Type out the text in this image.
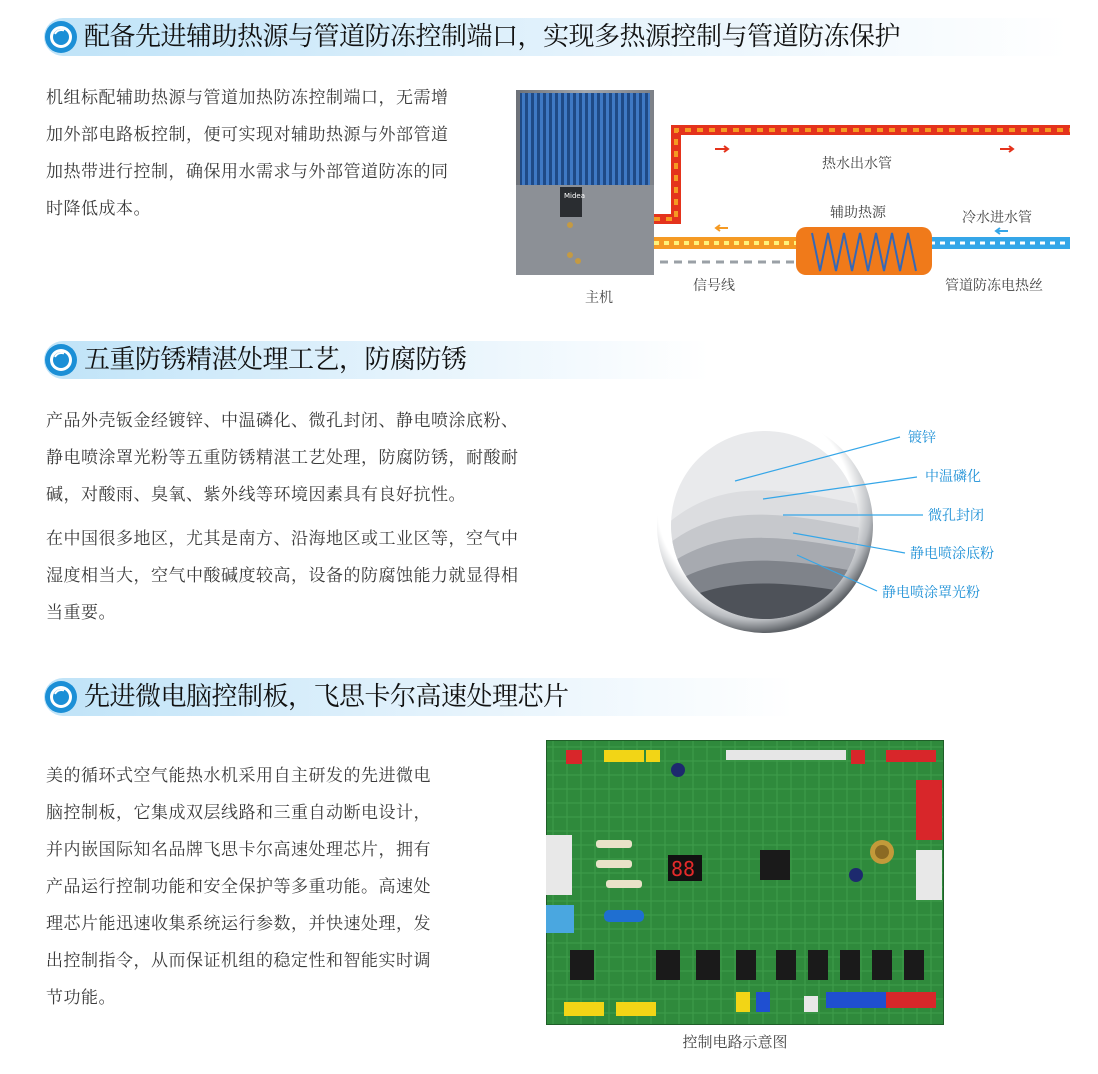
配备先进辅助热源与管道防冻控制端口，实现多热源控制与管道防冻保护

机组标配辅助热源与管道加热防冻控制端口，无需增
加外部电路板控制，便可实现对辅助热源与外部管道
加热带进行控制，确保用水需求与外部管道防冻的同
时降低成本。

Midea
热水出水管
辅助热源	冷水进水管
主机
信号线	管道防冻电热丝
五重防锈精湛处理工艺，防腐防锈

产品外壳钣金经镀锌、中温磷化、微孔封闭、静电喷涂底粉、
静电喷涂罩光粉等五重防锈精湛工艺处理，防腐防锈，耐酸耐
碱，对酸雨、臭氧、紫外线等环境因素具有良好抗性。

在中国很多地区，尤其是南方、沿海地区或工业区等，空气中
湿度相当大，空气中酸碱度较高，设备的防腐蚀能力就显得相
当重要。

镀锌
中温磷化
微孔封闭
静电喷涂底粉
静电喷涂罩光粉
先进微电脑控制板，飞思卡尔高速处理芯片

美的循环式空气能热水机采用自主研发的先进微电
脑控制板，它集成双层线路和三重自动断电设计，
并内嵌国际知名品牌飞思卡尔高速处理芯片，拥有
产品运行控制功能和安全保护等多重功能。高速处
理芯片能迅速收集系统运行参数，并快速处理，发
出控制指令，从而保证机组的稳定性和智能实时调
节功能。

88
控制电路示意图
